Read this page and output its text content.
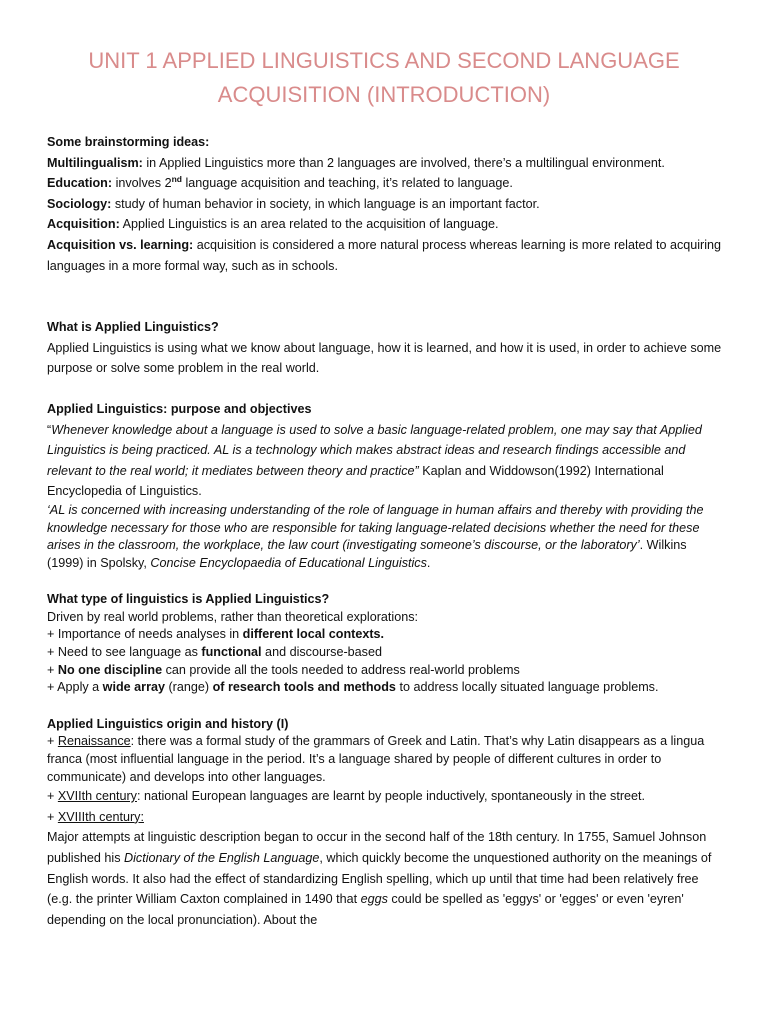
UNIT 1 APPLIED LINGUISTICS AND SECOND LANGUAGE
ACQUISITION (INTRODUCTION)

Some brainstorming ideas:

Multilingualism: in Applied Linguistics more than 2 languages are involved, there’s a multilingual environment.

Education: involves 2nd language acquisition and teaching, it’s related to language.

Sociology: study of human behavior in society, in which language is an important factor.

Acquisition: Applied Linguistics is an area related to the acquisition of language.

Acquisition vs. learning: acquisition is considered a more natural process whereas learning is more related to acquiring languages in a more formal way, such as in schools.

What is Applied Linguistics?

Applied Linguistics is using what we know about language, how it is learned, and how it is used, in order to achieve some purpose or solve some problem in the real world.

Applied Linguistics: purpose and objectives

“Whenever knowledge about a language is used to solve a basic language-related problem, one may say that Applied Linguistics is being practiced. AL is a technology which makes abstract ideas and research findings accessible and relevant to the real world; it mediates between theory and practice” Kaplan and Widdowson(1992) International Encyclopedia of Linguistics.

‘AL is concerned with increasing understanding of the role of language in human affairs and thereby with providing the knowledge necessary for those who are responsible for taking language-related decisions whether the need for these arises in the classroom, the workplace, the law court (investigating someone’s discourse, or the laboratory’. Wilkins (1999) in Spolsky, Concise Encyclopaedia of Educational Linguistics.

What type of linguistics is Applied Linguistics?

Driven by real world problems, rather than theoretical explorations:

+ Importance of needs analyses in different local contexts.

+ Need to see language as functional and discourse-based

+ No one discipline can provide all the tools needed to address real-world problems

+ Apply a wide array (range) of research tools and methods to address locally situated language problems.

Applied Linguistics origin and history (I)

+ Renaissance: there was a formal study of the grammars of Greek and Latin. That’s why Latin disappears as a lingua franca (most influential language in the period. It’s a language shared by people of different cultures in order to communicate) and develops into other languages.

+ XVIIth century: national European languages are learnt by people inductively, spontaneously in the street.

+ XVIIIth century:

Major attempts at linguistic description began to occur in the second half of the 18th century. In 1755, Samuel Johnson published his Dictionary of the English Language, which quickly become the unquestioned authority on the meanings of English words. It also had the effect of standardizing English spelling, which up until that time had been relatively free (e.g. the printer William Caxton complained in 1490 that eggs could be spelled as 'eggys' or 'egges' or even 'eyren' depending on the local pronunciation). About the
